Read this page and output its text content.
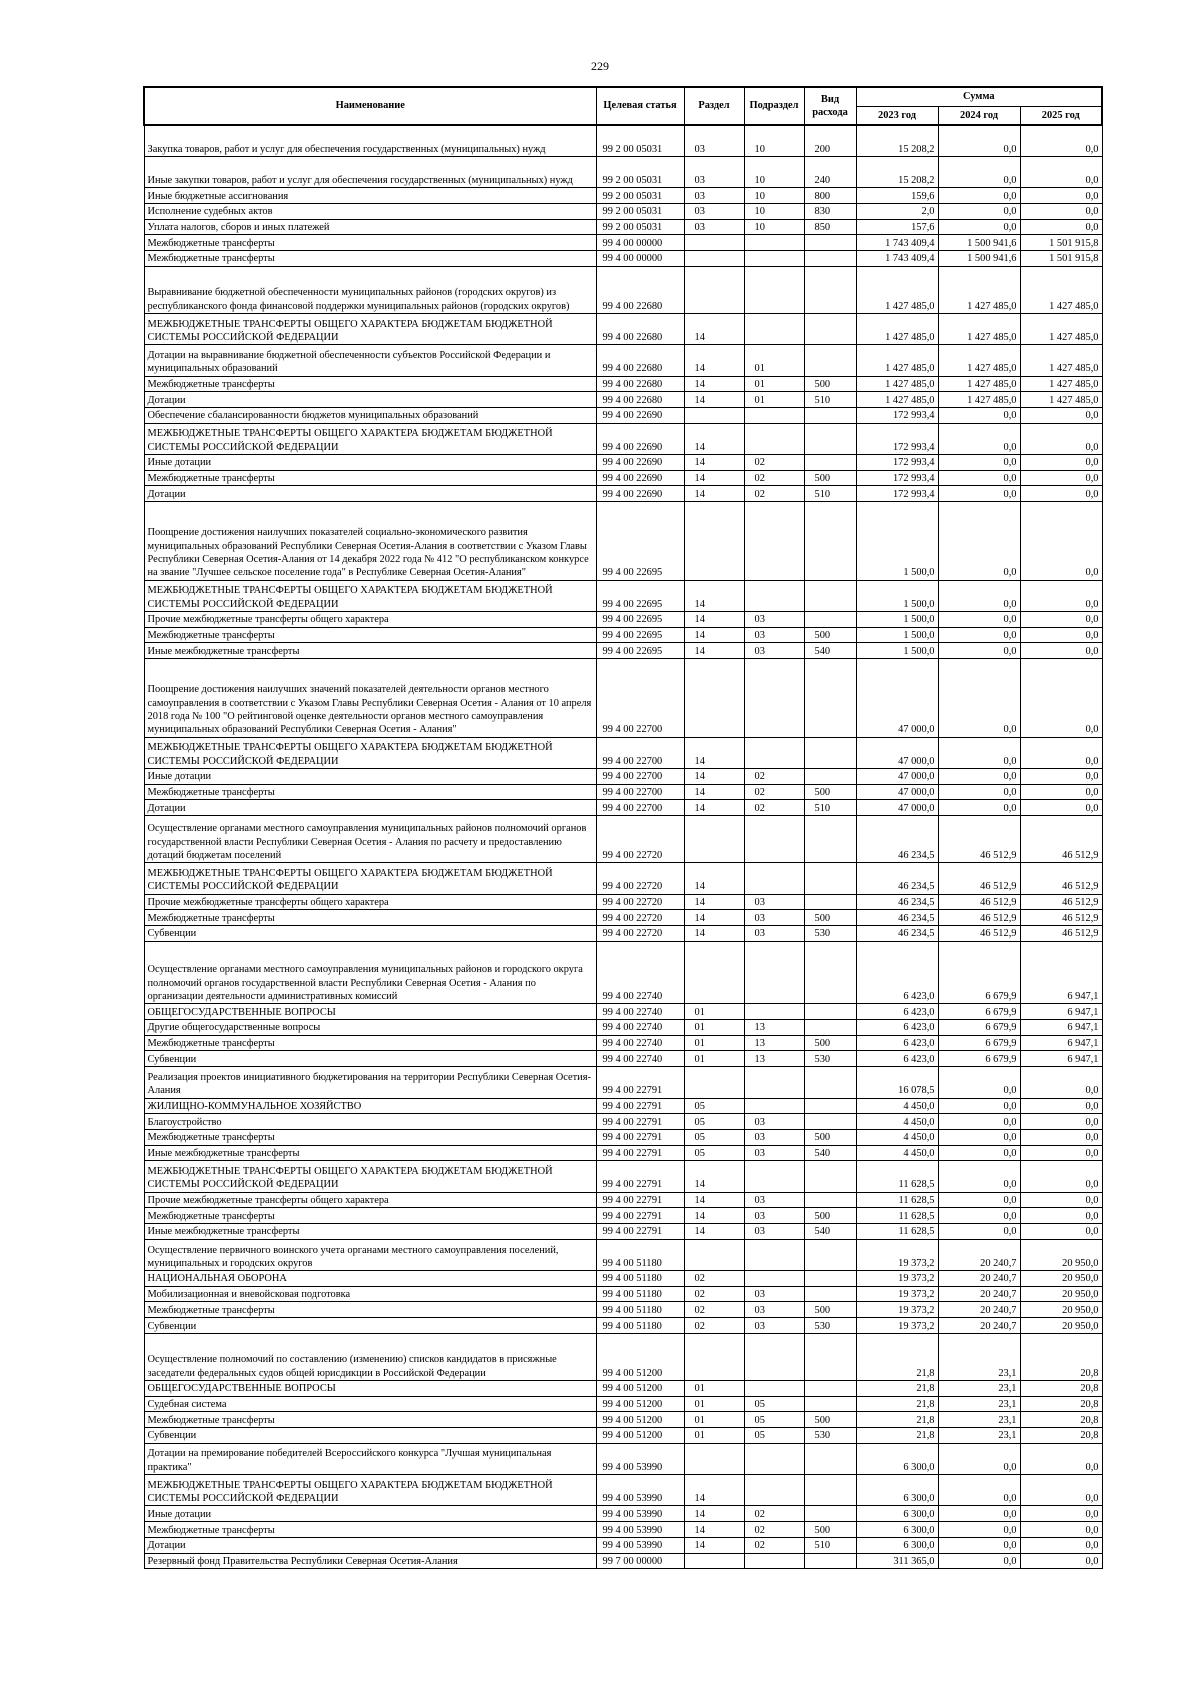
229
Наименование	Целевая статья	Раздел	Подраздел	Вид расхода	Сумма		
					2023 год	2024 год	2025 год
Закупка товаров, работ и услуг для обеспечения государственных (муниципальных) нужд	99 2 00 05031	03	10	200	15 208,2	0,0	0,0
Иные закупки товаров, работ и услуг для обеспечения государственных (муниципальных) нужд	99 2 00 05031	03	10	240	15 208,2	0,0	0,0
Иные бюджетные ассигнования	99 2 00 05031	03	10	800	159,6	0,0	0,0
Исполнение судебных актов	99 2 00 05031	03	10	830	2,0	0,0	0,0
Уплата налогов, сборов и иных платежей	99 2 00 05031	03	10	850	157,6	0,0	0,0
Межбюджетные трансферты	99 4 00 00000				1 743 409,4	1 500 941,6	1 501 915,8
Межбюджетные трансферты	99 4 00 00000				1 743 409,4	1 500 941,6	1 501 915,8
Выравнивание бюджетной обеспеченности муниципальных районов (городских округов) из республиканского фонда финансовой поддержки муниципальных районов (городских округов)	99 4 00 22680				1 427 485,0	1 427 485,0	1 427 485,0
МЕЖБЮДЖЕТНЫЕ ТРАНСФЕРТЫ ОБЩЕГО ХАРАКТЕРА БЮДЖЕТАМ БЮДЖЕТНОЙ СИСТЕМЫ РОССИЙСКОЙ ФЕДЕРАЦИИ	99 4 00 22680	14			1 427 485,0	1 427 485,0	1 427 485,0
Дотации на выравнивание бюджетной обеспеченности субъектов Российской Федерации и муниципальных образований	99 4 00 22680	14	01		1 427 485,0	1 427 485,0	1 427 485,0
Межбюджетные трансферты	99 4 00 22680	14	01	500	1 427 485,0	1 427 485,0	1 427 485,0
Дотации	99 4 00 22680	14	01	510	1 427 485,0	1 427 485,0	1 427 485,0
Обеспечение сбалансированности бюджетов муниципальных образований	99 4 00 22690				172 993,4	0,0	0,0
МЕЖБЮДЖЕТНЫЕ ТРАНСФЕРТЫ ОБЩЕГО ХАРАКТЕРА БЮДЖЕТАМ БЮДЖЕТНОЙ СИСТЕМЫ РОССИЙСКОЙ ФЕДЕРАЦИИ	99 4 00 22690	14			172 993,4	0,0	0,0
Иные дотации	99 4 00 22690	14	02		172 993,4	0,0	0,0
Межбюджетные трансферты	99 4 00 22690	14	02	500	172 993,4	0,0	0,0
Дотации	99 4 00 22690	14	02	510	172 993,4	0,0	0,0
Поощрение достижения наилучших показателей социально-экономического развития муниципальных образований Республики Северная Осетия-Алания в соответствии с Указом Главы Республики Северная Осетия-Алания от 14 декабря 2022 года № 412 "О республиканском конкурсе на звание "Лучшее сельское поселение года" в Республике Северная Осетия-Алания"	99 4 00 22695				1 500,0	0,0	0,0
МЕЖБЮДЖЕТНЫЕ ТРАНСФЕРТЫ ОБЩЕГО ХАРАКТЕРА БЮДЖЕТАМ БЮДЖЕТНОЙ СИСТЕМЫ РОССИЙСКОЙ ФЕДЕРАЦИИ	99 4 00 22695	14			1 500,0	0,0	0,0
Прочие межбюджетные трансферты общего характера	99 4 00 22695	14	03		1 500,0	0,0	0,0
Межбюджетные трансферты	99 4 00 22695	14	03	500	1 500,0	0,0	0,0
Иные межбюджетные трансферты	99 4 00 22695	14	03	540	1 500,0	0,0	0,0
Поощрение достижения наилучших значений показателей деятельности органов местного самоуправления в соответствии с Указом Главы Республики Северная Осетия - Алания от 10 апреля 2018 года № 100 "О рейтинговой оценке деятельности органов местного самоуправления муниципальных образований Республики Северная Осетия - Алания"	99 4 00 22700				47 000,0	0,0	0,0
МЕЖБЮДЖЕТНЫЕ ТРАНСФЕРТЫ ОБЩЕГО ХАРАКТЕРА БЮДЖЕТАМ БЮДЖЕТНОЙ СИСТЕМЫ РОССИЙСКОЙ ФЕДЕРАЦИИ	99 4 00 22700	14			47 000,0	0,0	0,0
Иные дотации	99 4 00 22700	14	02		47 000,0	0,0	0,0
Межбюджетные трансферты	99 4 00 22700	14	02	500	47 000,0	0,0	0,0
Дотации	99 4 00 22700	14	02	510	47 000,0	0,0	0,0
Осуществление органами местного самоуправления муниципальных районов полномочий органов государственной власти Республики Северная Осетия - Алания по расчету и предоставлению дотаций бюджетам поселений	99 4 00 22720				46 234,5	46 512,9	46 512,9
МЕЖБЮДЖЕТНЫЕ ТРАНСФЕРТЫ ОБЩЕГО ХАРАКТЕРА БЮДЖЕТАМ БЮДЖЕТНОЙ СИСТЕМЫ РОССИЙСКОЙ ФЕДЕРАЦИИ	99 4 00 22720	14			46 234,5	46 512,9	46 512,9
Прочие межбюджетные трансферты общего характера	99 4 00 22720	14	03		46 234,5	46 512,9	46 512,9
Межбюджетные трансферты	99 4 00 22720	14	03	500	46 234,5	46 512,9	46 512,9
Субвенции	99 4 00 22720	14	03	530	46 234,5	46 512,9	46 512,9
Осуществление органами местного самоуправления муниципальных районов и городского округа полномочий органов государственной власти Республики Северная Осетия - Алания по организации деятельности административных комиссий	99 4 00 22740				6 423,0	6 679,9	6 947,1
ОБЩЕГОСУДАРСТВЕННЫЕ ВОПРОСЫ	99 4 00 22740	01			6 423,0	6 679,9	6 947,1
Другие общегосударственные вопросы	99 4 00 22740	01	13		6 423,0	6 679,9	6 947,1
Межбюджетные трансферты	99 4 00 22740	01	13	500	6 423,0	6 679,9	6 947,1
Субвенции	99 4 00 22740	01	13	530	6 423,0	6 679,9	6 947,1
Реализация проектов инициативного бюджетирования на территории Республики Северная Осетия-Алания	99 4 00 22791				16 078,5	0,0	0,0
ЖИЛИЩНО-КОММУНАЛЬНОЕ ХОЗЯЙСТВО	99 4 00 22791	05			4 450,0	0,0	0,0
Благоустройство	99 4 00 22791	05	03		4 450,0	0,0	0,0
Межбюджетные трансферты	99 4 00 22791	05	03	500	4 450,0	0,0	0,0
Иные межбюджетные трансферты	99 4 00 22791	05	03	540	4 450,0	0,0	0,0
МЕЖБЮДЖЕТНЫЕ ТРАНСФЕРТЫ ОБЩЕГО ХАРАКТЕРА БЮДЖЕТАМ БЮДЖЕТНОЙ СИСТЕМЫ РОССИЙСКОЙ ФЕДЕРАЦИИ	99 4 00 22791	14			11 628,5	0,0	0,0
Прочие межбюджетные трансферты общего характера	99 4 00 22791	14	03		11 628,5	0,0	0,0
Межбюджетные трансферты	99 4 00 22791	14	03	500	11 628,5	0,0	0,0
Иные межбюджетные трансферты	99 4 00 22791	14	03	540	11 628,5	0,0	0,0
Осуществление первичного воинского учета органами местного самоуправления поселений, муниципальных и городских округов	99 4 00 51180				19 373,2	20 240,7	20 950,0
НАЦИОНАЛЬНАЯ ОБОРОНА	99 4 00 51180	02			19 373,2	20 240,7	20 950,0
Мобилизационная и вневойсковая подготовка	99 4 00 51180	02	03		19 373,2	20 240,7	20 950,0
Межбюджетные трансферты	99 4 00 51180	02	03	500	19 373,2	20 240,7	20 950,0
Субвенции	99 4 00 51180	02	03	530	19 373,2	20 240,7	20 950,0
Осуществление полномочий по составлению (изменению) списков кандидатов в присяжные заседатели федеральных судов общей юрисдикции в Российской Федерации	99 4 00 51200				21,8	23,1	20,8
ОБЩЕГОСУДАРСТВЕННЫЕ ВОПРОСЫ	99 4 00 51200	01			21,8	23,1	20,8
Судебная система	99 4 00 51200	01	05		21,8	23,1	20,8
Межбюджетные трансферты	99 4 00 51200	01	05	500	21,8	23,1	20,8
Субвенции	99 4 00 51200	01	05	530	21,8	23,1	20,8
Дотации на премирование победителей Всероссийского конкурса "Лучшая муниципальная практика"	99 4 00 53990				6 300,0	0,0	0,0
МЕЖБЮДЖЕТНЫЕ ТРАНСФЕРТЫ ОБЩЕГО ХАРАКТЕРА БЮДЖЕТАМ БЮДЖЕТНОЙ СИСТЕМЫ РОССИЙСКОЙ ФЕДЕРАЦИИ	99 4 00 53990	14			6 300,0	0,0	0,0
Иные дотации	99 4 00 53990	14	02		6 300,0	0,0	0,0
Межбюджетные трансферты	99 4 00 53990	14	02	500	6 300,0	0,0	0,0
Дотации	99 4 00 53990	14	02	510	6 300,0	0,0	0,0
Резервный фонд Правительства Республики Северная Осетия-Алания	99 7 00 00000				311 365,0	0,0	0,0
